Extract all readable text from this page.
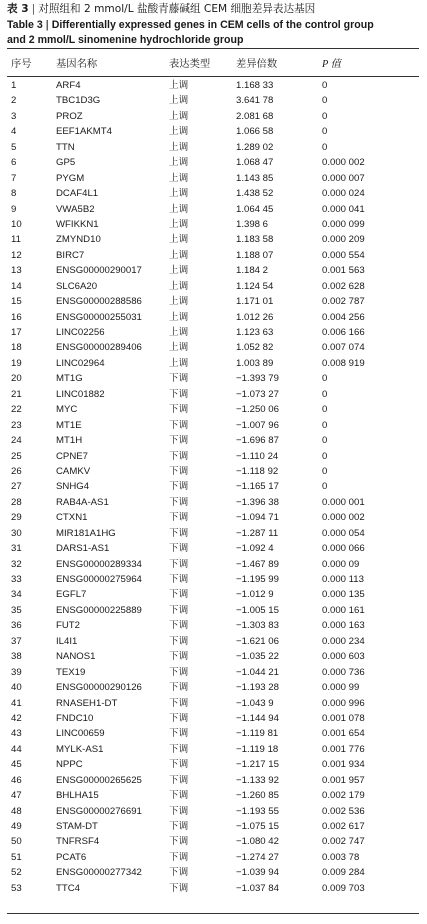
表 3 | 对照组和 2 mmol/L 盐酸青藤碱组 CEM 细胞差异表达基因
Table 3 | Differentially expressed genes in CEM cells of the control group
and 2 mmol/L sinomenine hydrochloride group
序号 基因名称	表达类型	差异倍数	P 值
1	ARF4	上调	1.168 33	0
2	TBC1D3G	上调	3.641 78	0
3	PROZ	上调	2.081 68	0
4	EEF1AKMT4	上调	1.066 58	0
5	TTN	上调	1.289 02	0
6	GP5	上调	1.068 47	0.000 002
7	PYGM	上调	1.143 85	0.000 007
8	DCAF4L1	上调	1.438 52	0.000 024
9	VWA5B2	上调	1.064 45	0.000 041
10	WFIKKN1	上调	1.398 6	0.000 099
11	ZMYND10	上调	1.183 58	0.000 209
12	BIRC7	上调	1.188 07	0.000 554
13	ENSG00000290017	上调	1.184 2	0.001 563
14	SLC6A20	上调	1.124 54	0.002 628
15	ENSG00000288586	上调	1.171 01	0.002 787
16	ENSG00000255031	上调	1.012 26	0.004 256
17	LINC02256	上调	1.123 63	0.006 166
18	ENSG00000289406	上调	1.052 82	0.007 074
19	LINC02964	上调	1.003 89	0.008 919
20	MT1G	下调	−1.393 79	0
21	LINC01882	下调	−1.073 27	0
22	MYC	下调	−1.250 06	0
23	MT1E	下调	−1.007 96	0
24	MT1H	下调	−1.696 87	0
25	CPNE7	下调	−1.110 24	0
26	CAMKV	下调	−1.118 92	0
27	SNHG4	下调	−1.165 17	0
28	RAB4A-AS1	下调	−1.396 38	0.000 001
29	CTXN1	下调	−1.094 71	0.000 002
30	MIR181A1HG	下调	−1.287 11	0.000 054
31	DARS1-AS1	下调	−1.092 4	0.000 066
32	ENSG00000289334	下调	−1.467 89	0.000 09
33	ENSG00000275964	下调	−1.195 99	0.000 113
34	EGFL7	下调	−1.012 9	0.000 135
35	ENSG00000225889	下调	−1.005 15	0.000 161
36	FUT2	下调	−1.303 83	0.000 163
37	IL4I1	下调	−1.621 06	0.000 234
38	NANOS1	下调	−1.035 22	0.000 603
39	TEX19	下调	−1.044 21	0.000 736
40	ENSG00000290126	下调	−1.193 28	0.000 99
41	RNASEH1-DT	下调	−1.043 9	0.000 996
42	FNDC10	下调	−1.144 94	0.001 078
43	LINC00659	下调	−1.119 81	0.001 654
44	MYLK-AS1	下调	−1.119 18	0.001 776
45	NPPC	下调	−1.217 15	0.001 934
46	ENSG00000265625	下调	−1.133 92	0.001 957
47	BHLHA15	下调	−1.260 85	0.002 179
48	ENSG00000276691	下调	−1.193 55	0.002 536
49	STAM-DT	下调	−1.075 15	0.002 617
50	TNFRSF4	下调	−1.080 42	0.002 747
51	PCAT6	下调	−1.274 27	0.003 78
52	ENSG00000277342	下调	−1.039 94	0.009 284
53	TTC4	下调	−1.037 84	0.009 703
